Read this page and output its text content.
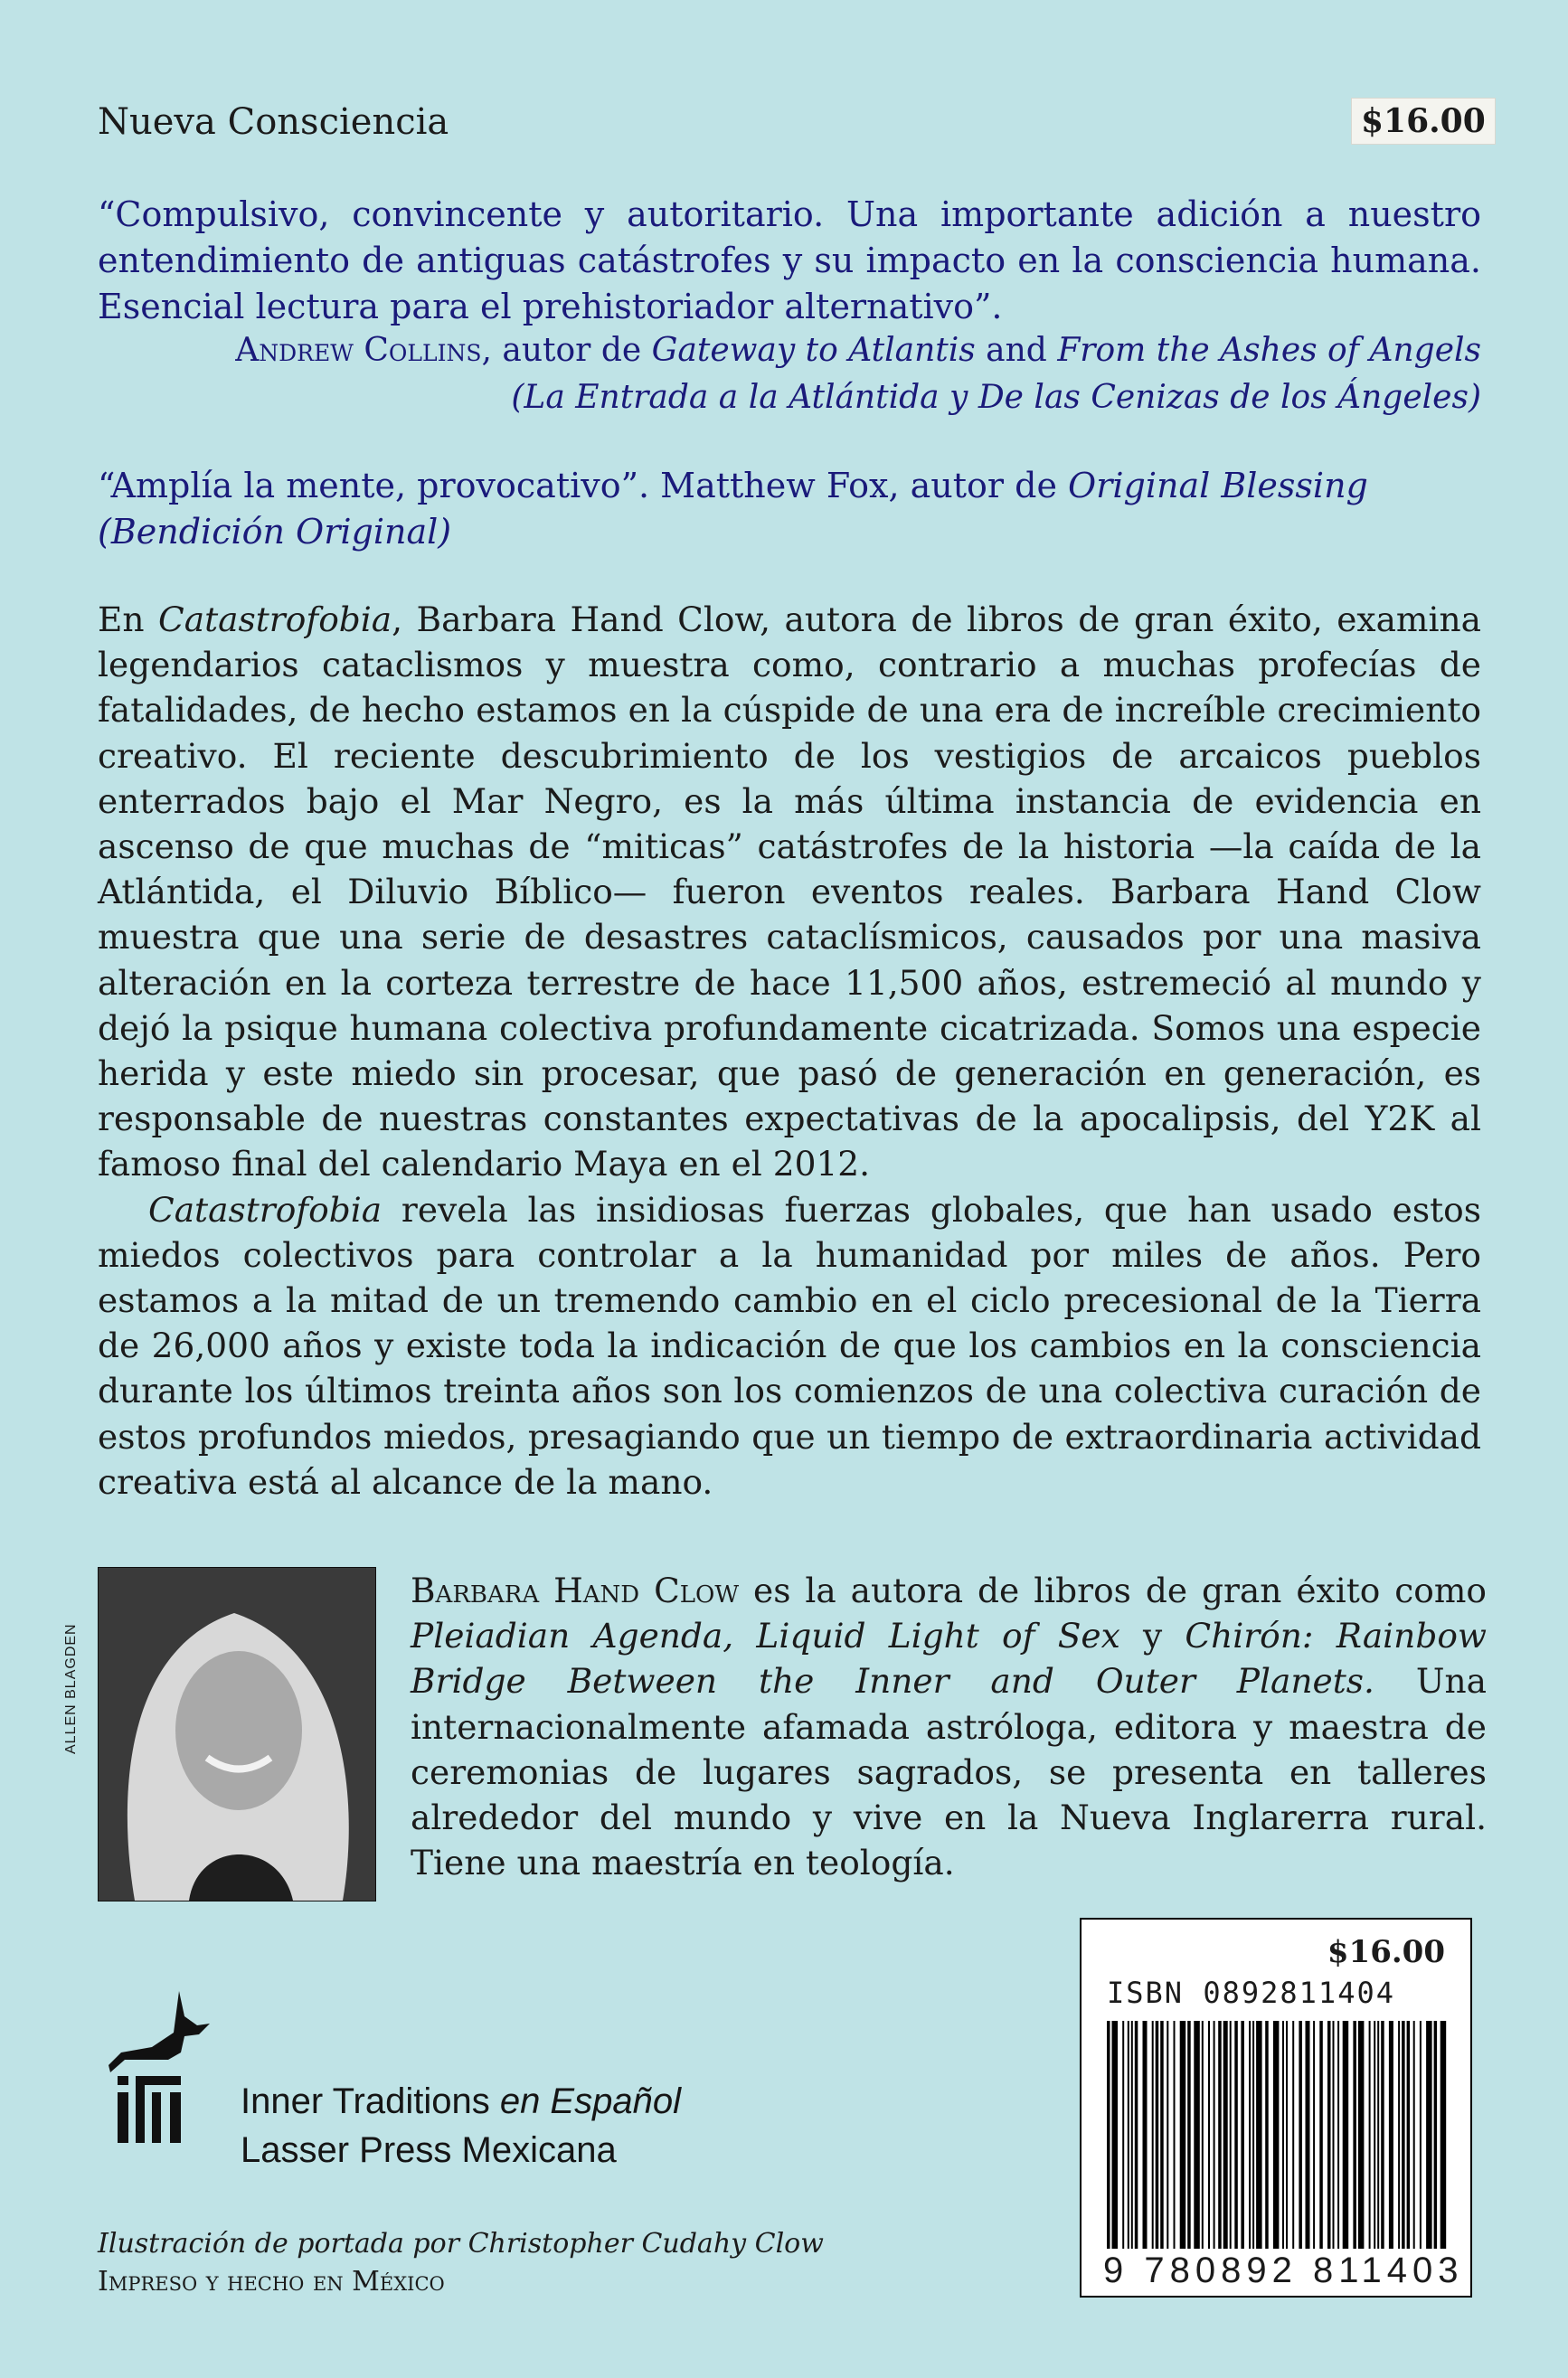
Nueva Consciencia	$16.00
“Compulsivo, convincente y autoritario. Una importante adición a nuestro entendimiento de antiguas catástrofes y su impacto en la consciencia humana. Esencial lectura para el prehistoriador alternativo”.
Andrew Collins, autor de Gateway to Atlantis and From the Ashes of Angels
(La Entrada a la Atlántida y De las Cenizas de los Ángeles)
“Amplía la mente, provocativo”. Matthew Fox, autor de Original Blessing
(Bendición Original)

En Catastrofobia, Barbara Hand Clow, autora de libros de gran éxito, examina legendarios cataclismos y muestra como, contrario a muchas profecías de fatalidades, de hecho estamos en la cúspide de una era de increíble crecimiento creativo. El reciente descubrimiento de los vestigios de arcaicos pueblos enterrados bajo el Mar Negro, es la más última instancia de evidencia en ascenso de que muchas de “miticas” catástrofes de la historia —la caída de la Atlántida, el Diluvio Bíblico— fueron eventos reales. Barbara Hand Clow muestra que una serie de desastres cataclísmicos, causados por una masiva alteración en la corteza terrestre de hace 11,500 años, estremeció al mundo y dejó la psique humana colectiva profundamente cicatrizada. Somos una especie herida y este miedo sin procesar, que pasó de generación en generación, es responsable de nuestras constantes expectativas de la apocalipsis, del Y2K al famoso final del calendario Maya en el 2012.

Catastrofobia revela las insidiosas fuerzas globales, que han usado estos miedos colectivos para controlar a la humanidad por miles de años. Pero estamos a la mitad de un tremendo cambio en el ciclo precesional de la Tierra de 26,000 años y existe toda la indicación de que los cambios en la consciencia durante los últimos treinta años son los comienzos de una colectiva curación de estos profundos miedos, presagiando que un tiempo de extraordinaria actividad creativa está al alcance de la mano.

ALLEN BLAGDEN
Barbara Hand Clow es la autora de libros de gran éxito como Pleiadian Agenda, Liquid Light of Sex y Chirón: Rainbow Bridge Between the Inner and Outer Planets. Una internacionalmente afamada astróloga, editora y maestra de ceremonias de lugares sagrados, se presenta en talleres alrededor del mundo y vive en la Nueva Inglarerra rural. Tiene una maestría en teología.
Inner Traditions en Español
Lasser Press Mexicana
Ilustración de portada por Christopher Cudahy Clow
Impreso y hecho en México
$16.00
ISBN 0892811404
9 780892 811403
